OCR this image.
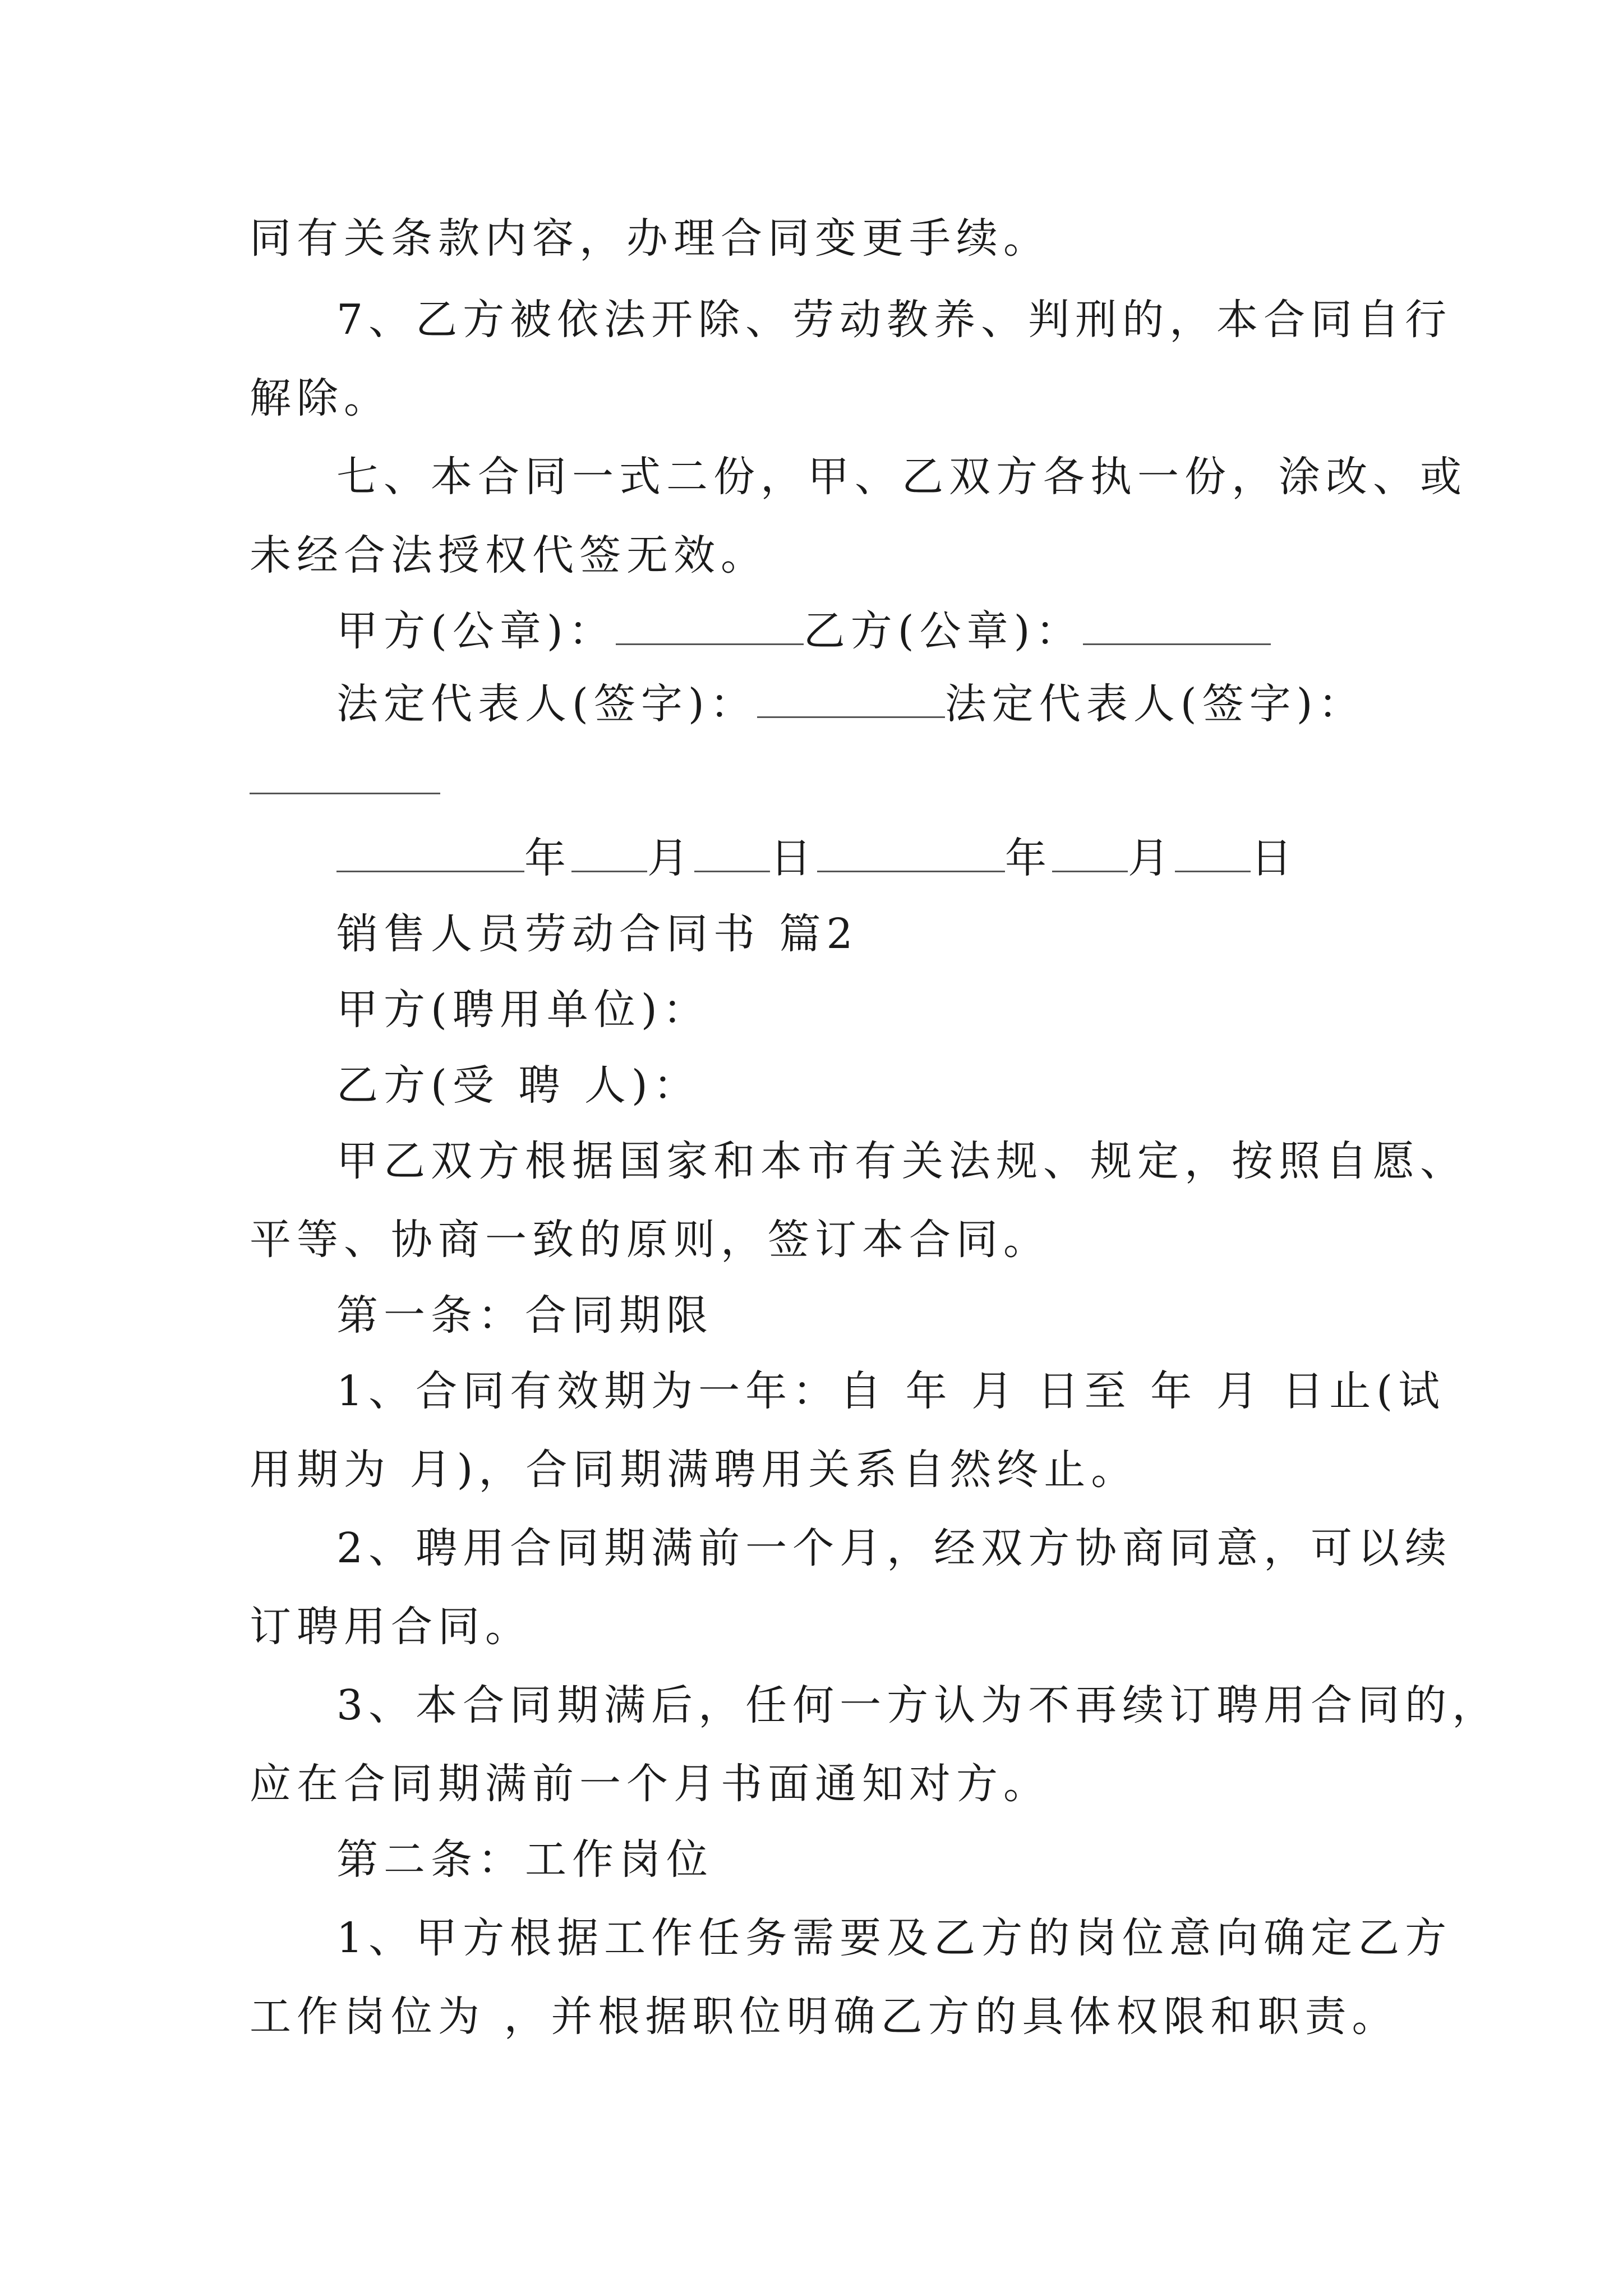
同有关条款内容，办理合同变更手续。
7、乙方被依法开除、劳动教养、判刑的，本合同自行
解除。
七、本合同一式二份，甲、乙双方各执一份，涂改、或
未经合法授权代签无效。
甲方(公章)：	乙方(公章)：
法定代表人(签字)：	法定代表人(签字)：
年 月 日	年 月 日
销售人员劳动合同书 篇2
甲方(聘用单位)：
乙方(受 聘 人)：
甲乙双方根据国家和本市有关法规、规定，按照自愿、
平等、协商一致的原则，签订本合同。
第一条：合同期限
1、合同有效期为一年：自 年 月 日至 年 月 日止(试
用期为 月)，合同期满聘用关系自然终止。
2、聘用合同期满前一个月，经双方协商同意，可以续
订聘用合同。
3、本合同期满后，任何一方认为不再续订聘用合同的，
应在合同期满前一个月书面通知对方。
第二条：工作岗位
1、甲方根据工作任务需要及乙方的岗位意向确定乙方
工作岗位为 ，并根据职位明确乙方的具体权限和职责。
